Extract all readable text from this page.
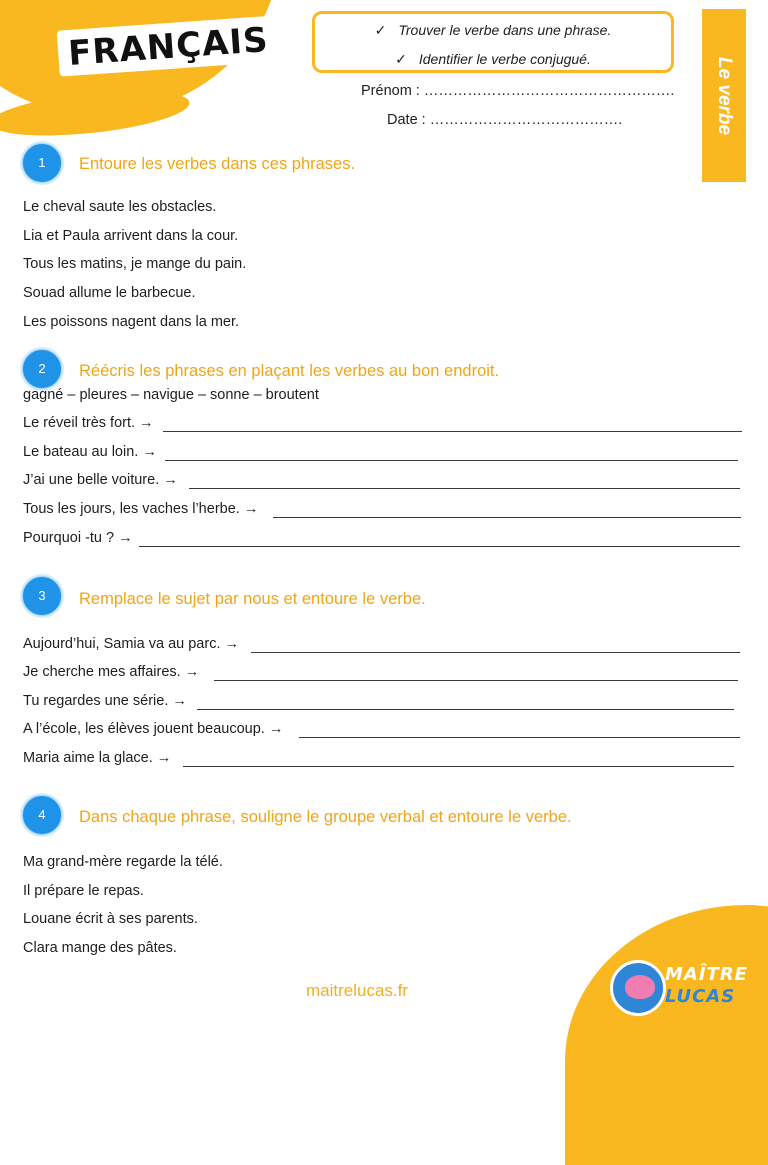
FRANÇAIS	✓ Trouver le verbe dans une phrase.
✓ Identifier le verbe conjugué.	Le verbe
Prénom : …………………………………………….
Date : ………………………………….
1	Entoure les verbes dans ces phrases.
Le cheval saute les obstacles.
Lia et Paula arrivent dans la cour.
Tous les matins, je mange du pain.
Souad allume le barbecue.
Les poissons nagent dans la mer.
2	Réécris les phrases en plaçant les verbes au bon endroit.
gagné – pleures – navigue – sonne – broutent
Le réveil très fort. →
Le bateau au loin. →
J’ai une belle voiture. →
Tous les jours, les vaches l’herbe. →
Pourquoi -tu ? →
3	Remplace le sujet par nous et entoure le verbe.
Aujourd’hui, Samia va au parc. →
Je cherche mes affaires. →
Tu regardes une série. →
A l’école, les élèves jouent beaucoup. →
Maria aime la glace. →
4	Dans chaque phrase, souligne le groupe verbal et entoure le verbe.
Ma grand-mère regarde la télé.
Il prépare le repas.
Louane écrit à ses parents.
Clara mange des pâtes.
maitrelucas.fr
MAÎTRE
LUCAS
